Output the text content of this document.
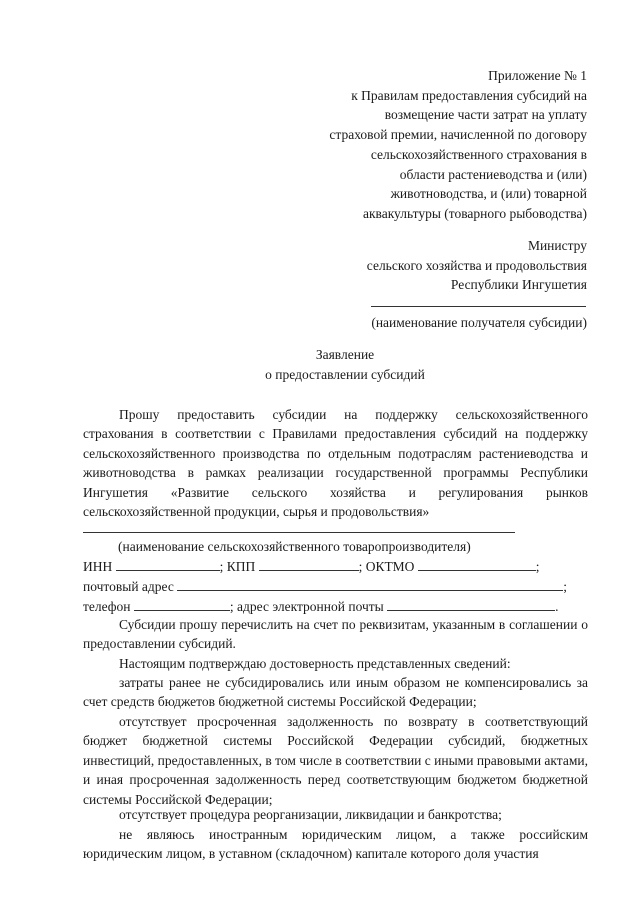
Приложение № 1
к Правилам предоставления субсидий на
возмещение части затрат на уплату
страховой премии, начисленной по договору
сельскохозяйственного страхования в
области растениеводства и (или)
животноводства, и (или) товарной
аквакультуры (товарного рыбоводства)
Министру
сельского хозяйства и продовольствия
Республики Ингушетия
(наименование получателя субсидии)
Заявление
о предоставлении субсидий
Прошу предоставить субсидии на поддержку сельскохозяйственного страхования в соответствии с Правилами предоставления субсидий на поддержку сельскохозяйственного производства по отдельным подотраслям растениеводства и животноводства в рамках реализации государственной программы Республики Ингушетия «Развитие сельского хозяйства и регулирования рынков сельскохозяйственной продукции, сырья и продовольствия»
(наименование сельскохозяйственного товаропроизводителя)
ИНН	; КПП	; ОКТМО	;
почтовый адрес	;
телефон	; адрес электронной почты	.
Субсидии прошу перечислить на счет по реквизитам, указанным в соглашении о предоставлении субсидий.
Настоящим подтверждаю достоверность представленных сведений:
затраты ранее не субсидировались или иным образом не компенсировались за счет средств бюджетов бюджетной системы Российской Федерации;
отсутствует просроченная задолженность по возврату в соответствующий бюджет бюджетной системы Российской Федерации субсидий, бюджетных инвестиций, предоставленных, в том числе в соответствии с иными правовыми актами, и иная просроченная задолженность перед соответствующим бюджетом бюджетной системы Российской Федерации;
отсутствует процедура реорганизации, ликвидации и банкротства;
не являюсь иностранным юридическим лицом, а также российским юридическим лицом, в уставном (складочном) капитале которого доля участия
